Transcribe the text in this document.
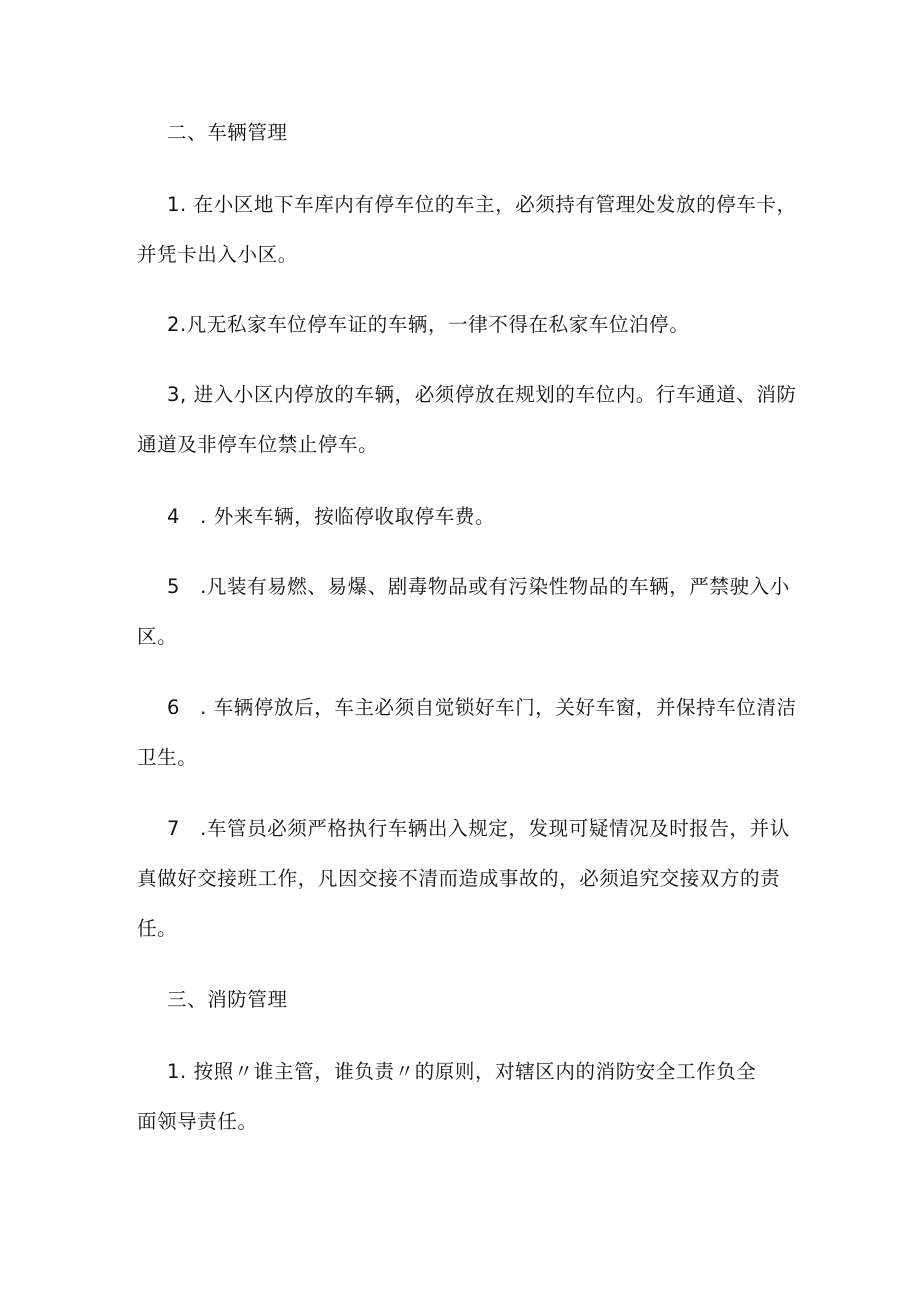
二、车辆管理

1. 在小区地下车库内有停车位的车主，必须持有管理处发放的停车卡，
并凭卡出入小区。

2.凡无私家车位停车证的车辆，一律不得在私家车位泊停。

3, 进入小区内停放的车辆，必须停放在规划的车位内。行车通道、消防
通道及非停车位禁止停车。

4　. 外来车辆，按临停收取停车费。

5　.凡装有易燃、易爆、剧毒物品或有污染性物品的车辆，严禁驶入小
区。

6　. 车辆停放后，车主必须自觉锁好车门，关好车窗，并保持车位清洁
卫生。

7　.车管员必须严格执行车辆出入规定，发现可疑情况及时报告，并认
真做好交接班工作，凡因交接不清而造成事故的，必须追究交接双方的责
任。

三、消防管理

1. 按照〃谁主管，谁负责〃的原则，对辖区内的消防安全工作负全
面领导责任。
